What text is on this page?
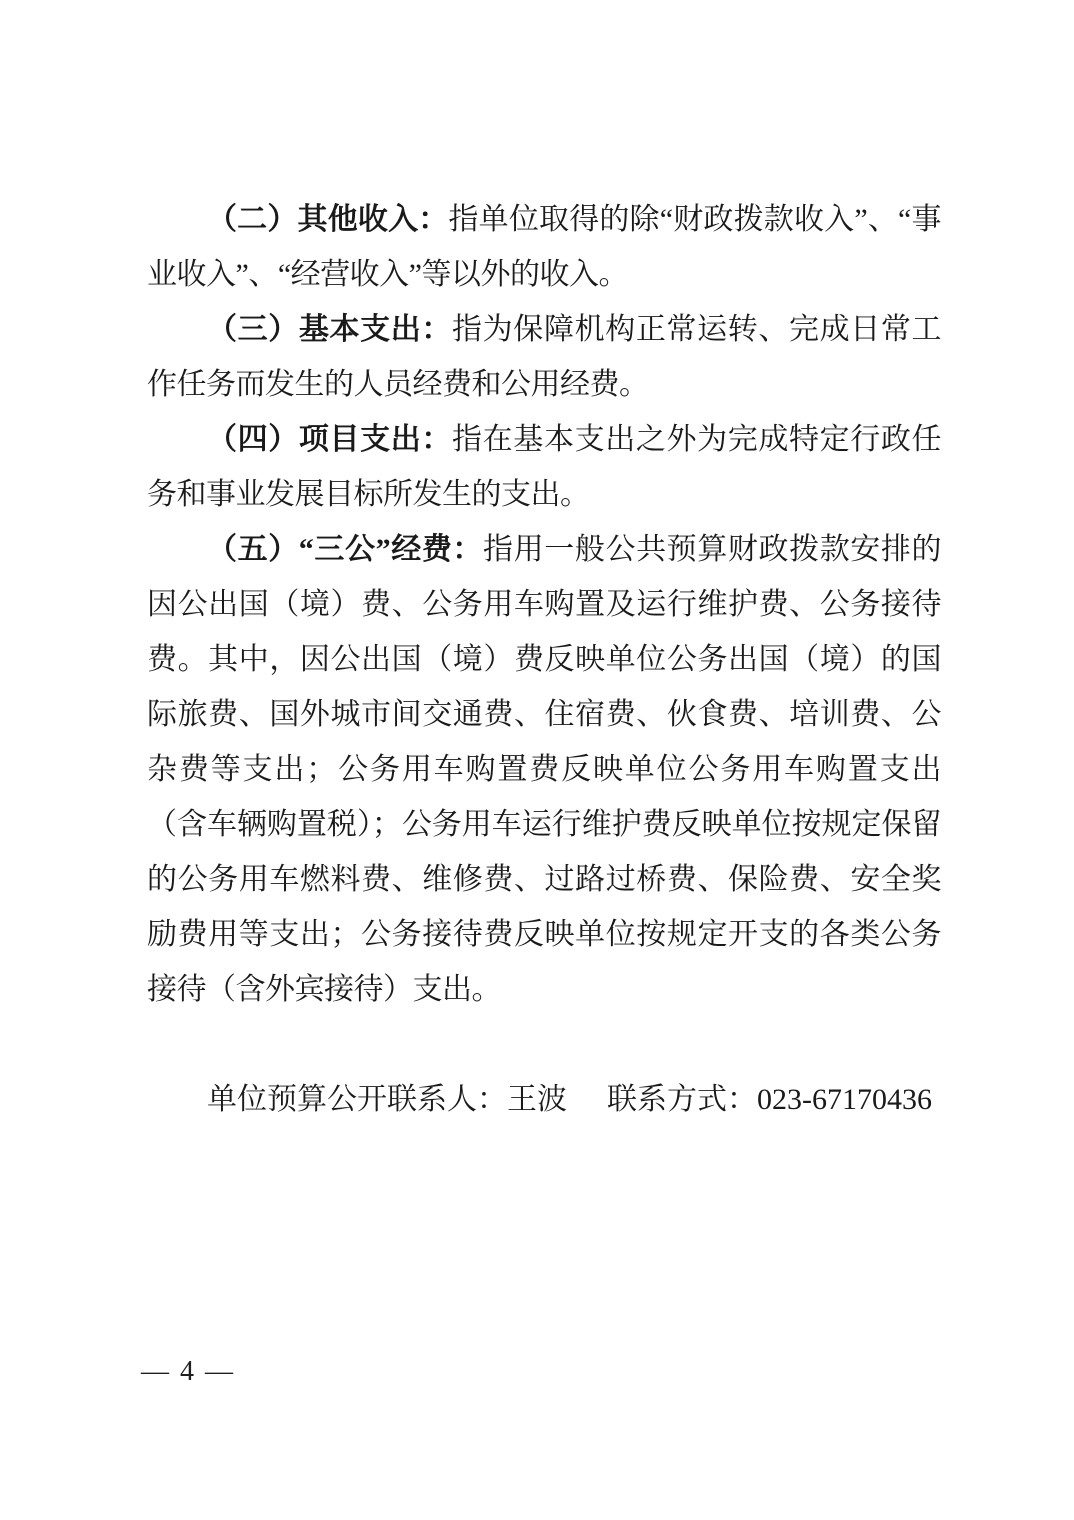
（二）其他收入：指单位取得的除“财政拨款收入”、“事业收入”、“经营收入”等以外的收入。

（三）基本支出：指为保障机构正常运转、完成日常工作任务而发生的人员经费和公用经费。

（四）项目支出：指在基本支出之外为完成特定行政任务和事业发展目标所发生的支出。

（五）“三公”经费：指用一般公共预算财政拨款安排的因公出国（境）费、公务用车购置及运行维护费、公务接待费。其中，因公出国（境）费反映单位公务出国（境）的国际旅费、国外城市间交通费、住宿费、伙食费、培训费、公杂费等支出；公务用车购置费反映单位公务用车购置支出（含车辆购置税）；公务用车运行维护费反映单位按规定保留的公务用车燃料费、维修费、过路过桥费、保险费、安全奖励费用等支出；公务接待费反映单位按规定开支的各类公务接待（含外宾接待）支出。

单位预算公开联系人：王波 联系方式：023-67170436

— 4 —
